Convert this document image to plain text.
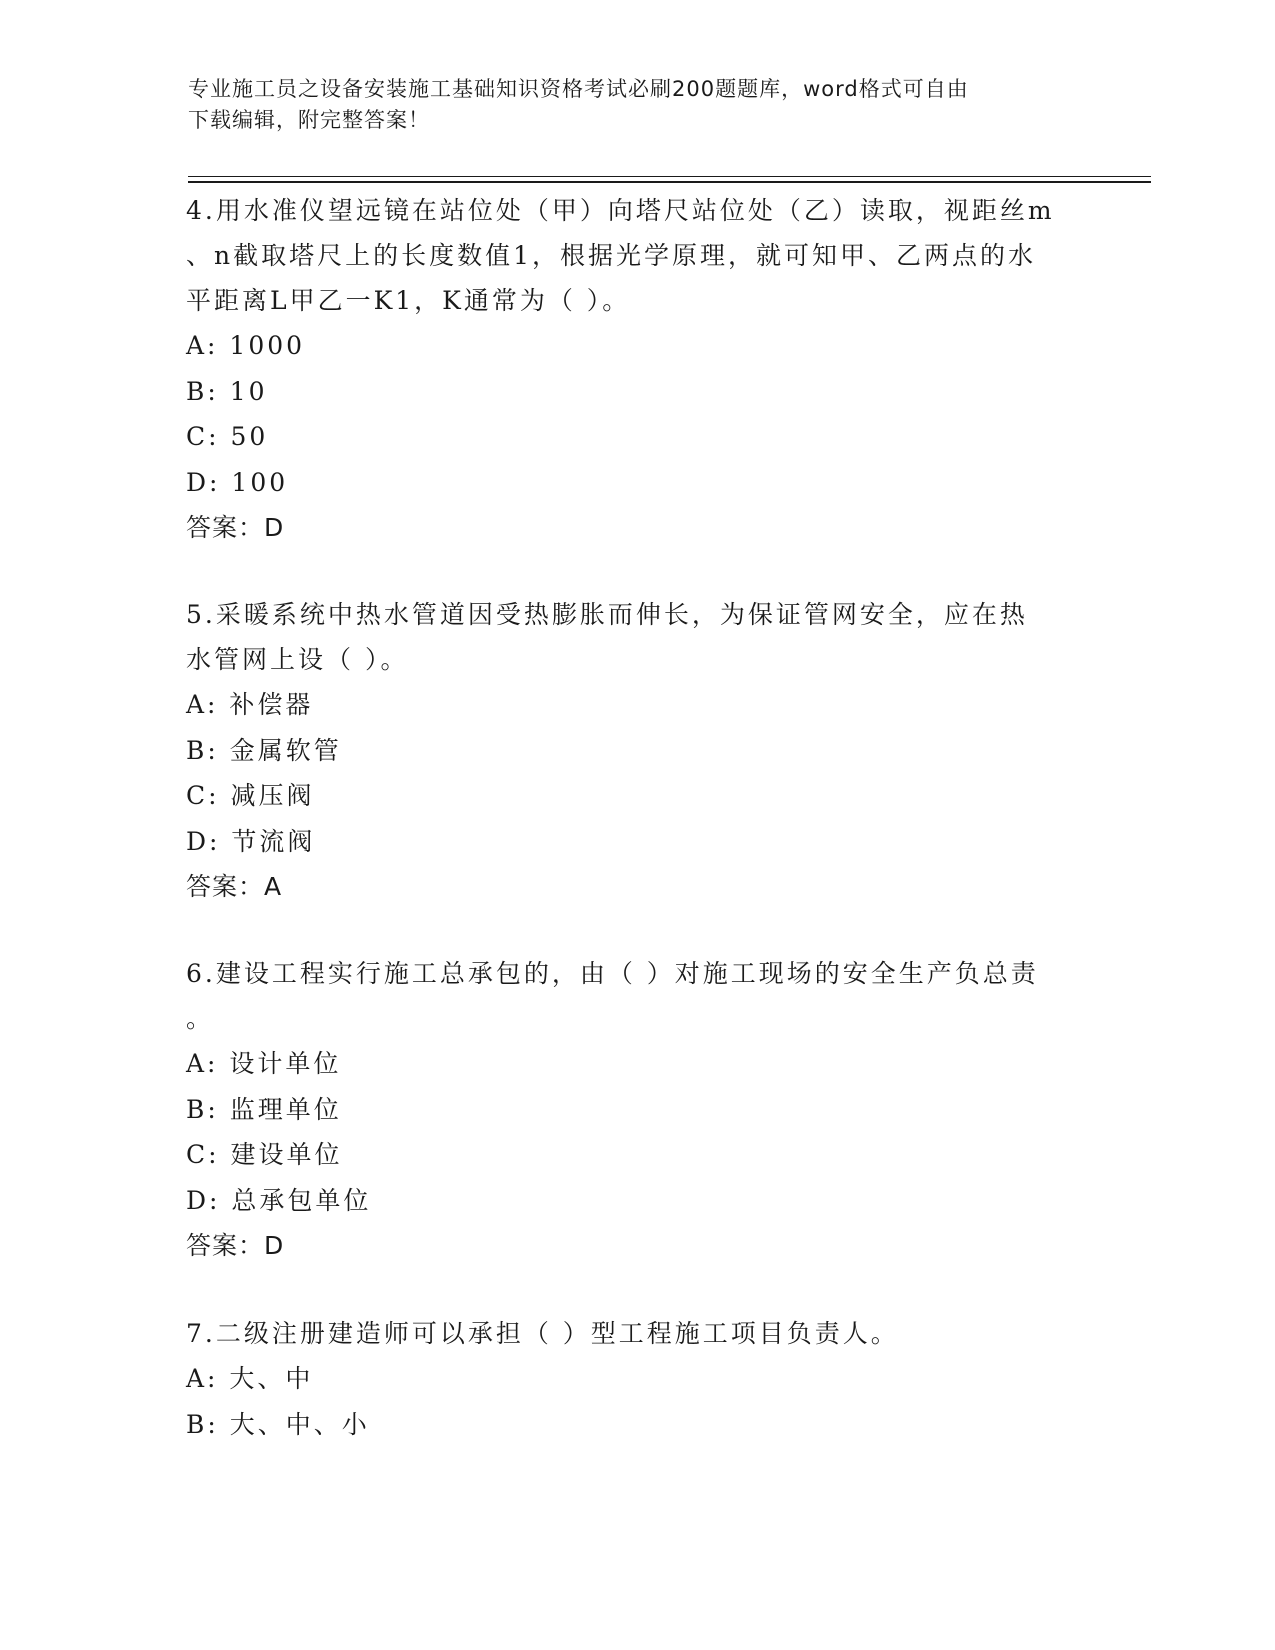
专业施工员之设备安装施工基础知识资格考试必刷200题题库，word格式可自由
下载编辑，附完整答案！
4.用水准仪望远镜在站位处（甲）向塔尺站位处（乙）读取，视距丝m
、n截取塔尺上的长度数值1，根据光学原理，就可知甲、乙两点的水
平距离L甲乙一K1，K通常为（ ）。
A: 1000
B: 10
C: 50
D: 100
答案：D
5.采暖系统中热水管道因受热膨胀而伸长，为保证管网安全，应在热
水管网上设（ ）。
A: 补偿器
B: 金属软管
C: 减压阀
D: 节流阀
答案：A
6.建设工程实行施工总承包的，由（ ）对施工现场的安全生产负总责
。
A: 设计单位
B: 监理单位
C: 建设单位
D: 总承包单位
答案：D
7.二级注册建造师可以承担（ ）型工程施工项目负责人。
A: 大、中
B: 大、中、小
